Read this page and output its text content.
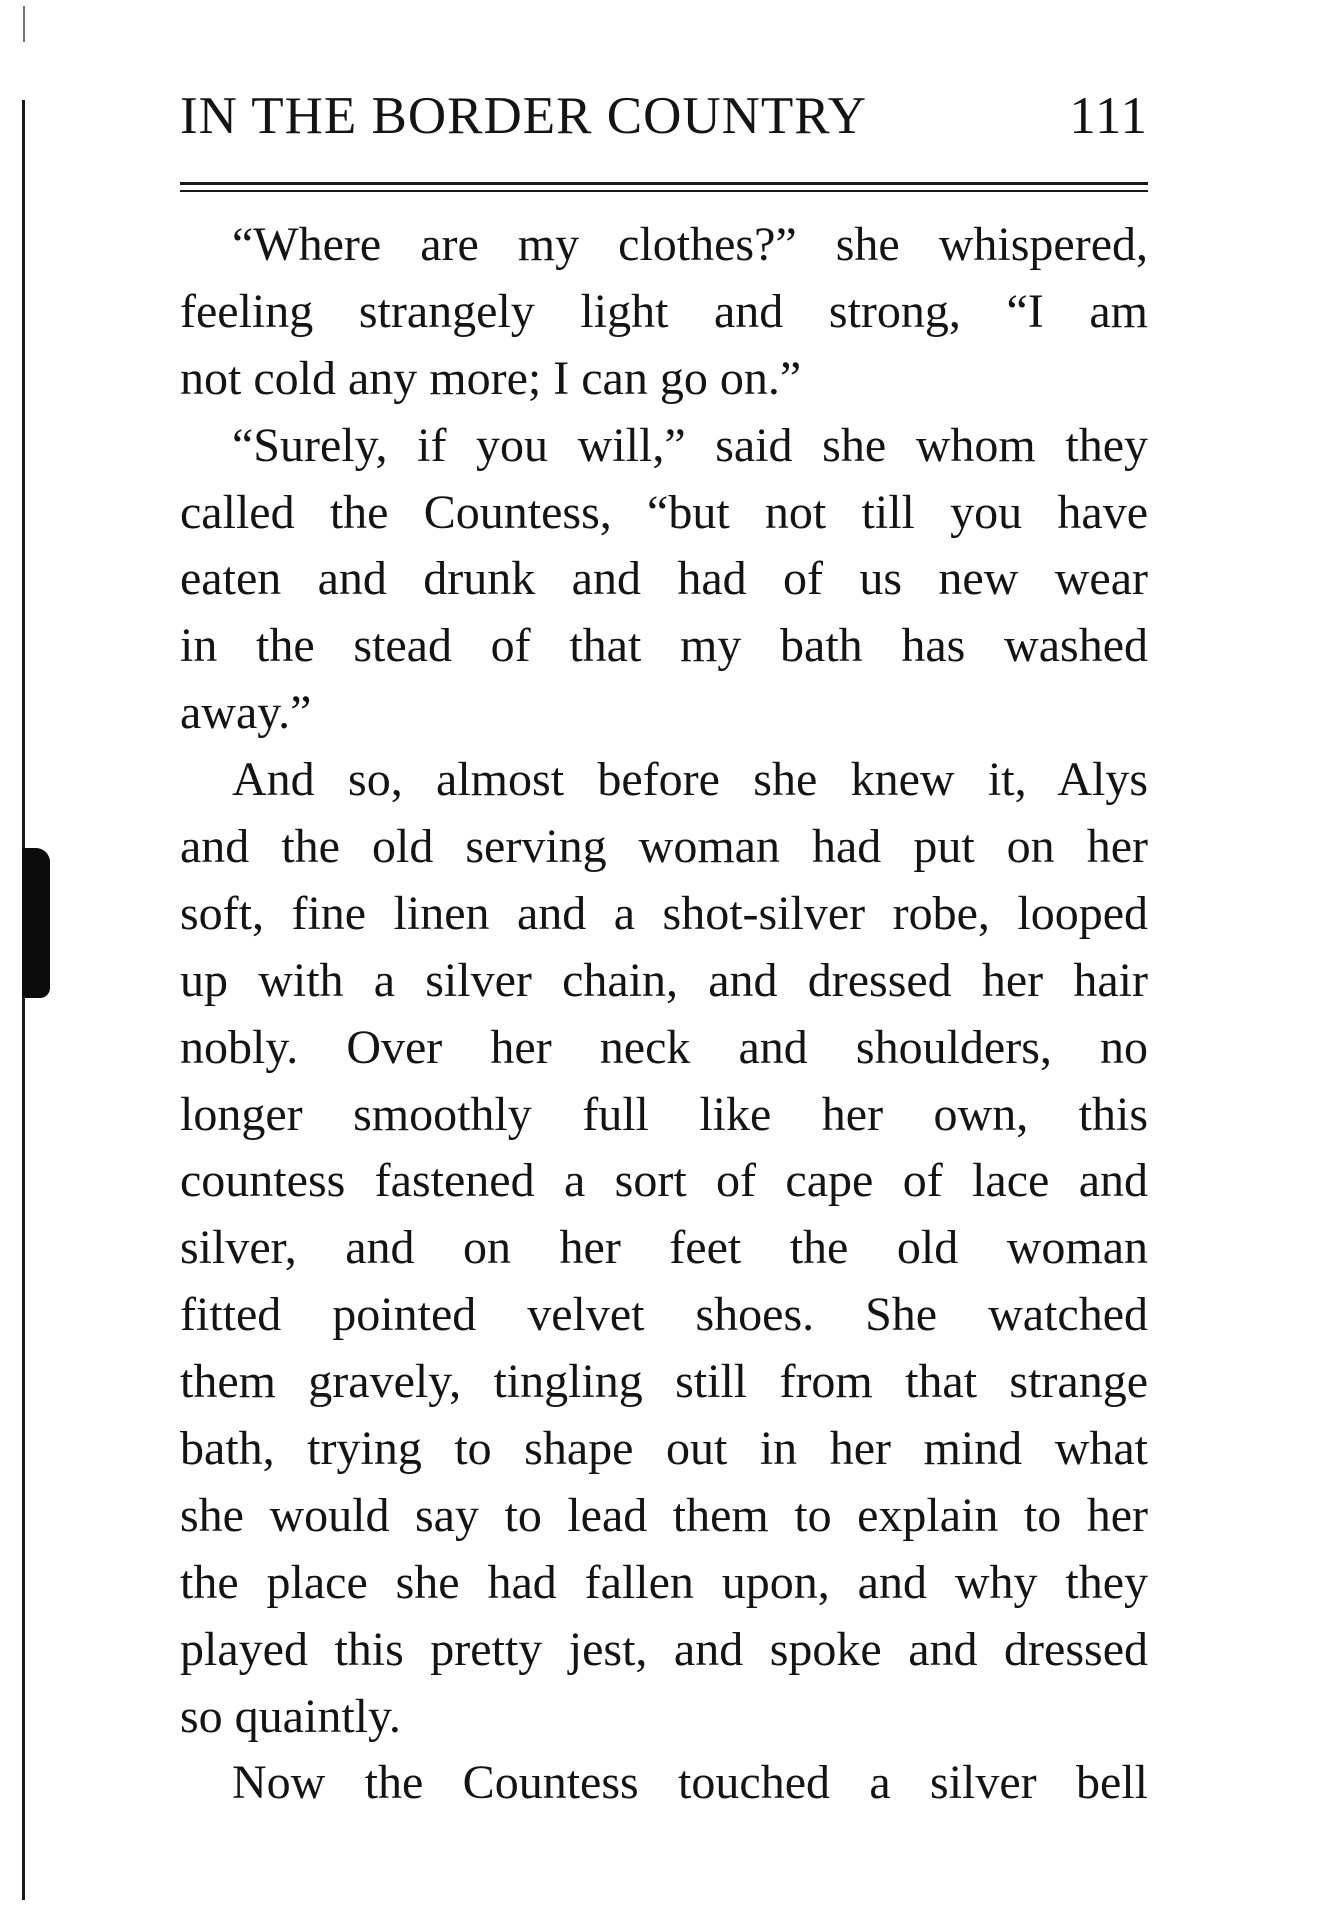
IN THE BORDER COUNTRY	111
“Where are my clothes?” she whispered,
feeling strangely light and strong, “I am
not cold any more; I can go on.”
“Surely, if you will,” said she whom they
called the Countess, “but not till you have
eaten and drunk and had of us new wear
in the stead of that my bath has washed
away.”
And so, almost before she knew it, Alys
and the old serving woman had put on her
soft, fine linen and a shot-silver robe, looped
up with a silver chain, and dressed her hair
nobly. Over her neck and shoulders, no
longer smoothly full like her own, this
countess fastened a sort of cape of lace and
silver, and on her feet the old woman
fitted pointed velvet shoes. She watched
them gravely, tingling still from that strange
bath, trying to shape out in her mind what
she would say to lead them to explain to her
the place she had fallen upon, and why they
played this pretty jest, and spoke and dressed
so quaintly.
Now the Countess touched a silver bell
